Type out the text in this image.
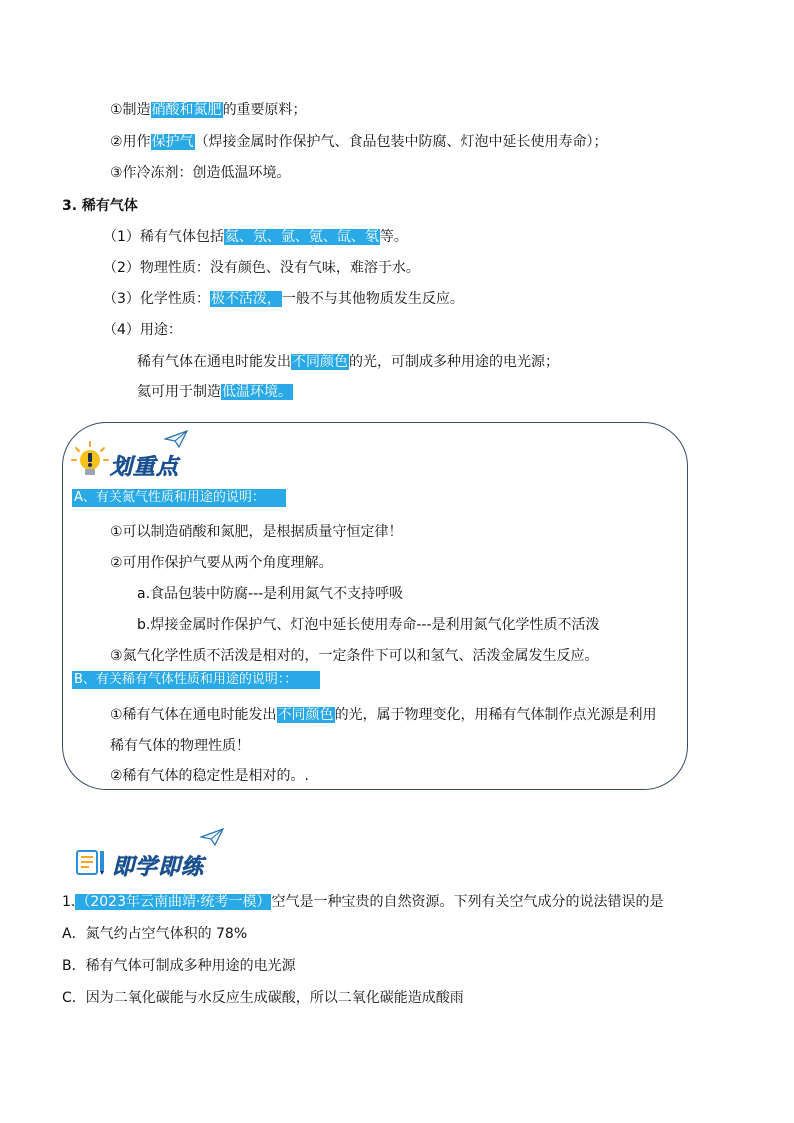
①制造硝酸和氮肥的重要原料；
②用作保护气（焊接金属时作保护气、食品包装中防腐、灯泡中延长使用寿命）；
③作冷冻剂：创造低温环境。
3. 稀有气体
（1）稀有气体包括氦、氖、氩、氪、氙、氡等。
（2）物理性质：没有颜色、没有气味，难溶于水。
（3）化学性质：极不活泼，一般不与其他物质发生反应。
（4）用途：
稀有气体在通电时能发出不同颜色的光，可制成多种用途的电光源；
氦可用于制造低温环境。
划重点
A、有关氮气性质和用途的说明：
①可以制造硝酸和氮肥，是根据质量守恒定律！
②可用作保护气要从两个角度理解。
a.食品包装中防腐---是利用氮气不支持呼吸
b.焊接金属时作保护气、灯泡中延长使用寿命---是利用氮气化学性质不活泼
③氮气化学性质不活泼是相对的，一定条件下可以和氢气、活泼金属发生反应。
B、有关稀有气体性质和用途的说明：：
①稀有气体在通电时能发出不同颜色的光，属于物理变化，用稀有气体制作点光源是利用
稀有气体的物理性质！
②稀有气体的稳定性是相对的。.
即学即练
1.（2023年云南曲靖·统考一模）空气是一种宝贵的自然资源。下列有关空气成分的说法错误的是
A．氮气约占空气体积的 78%
B．稀有气体可制成多种用途的电光源
C．因为二氧化碳能与水反应生成碳酸，所以二氧化碳能造成酸雨
